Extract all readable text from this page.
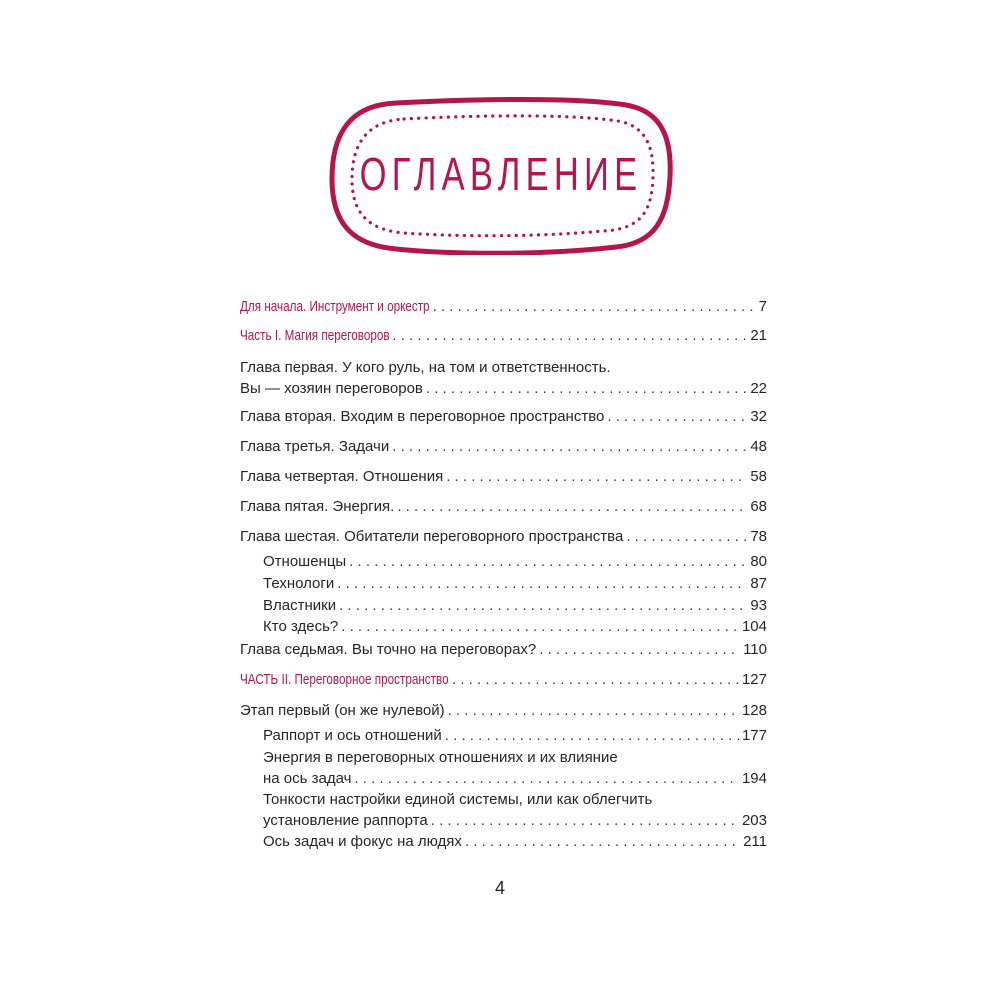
ОГЛАВЛЕНИЕ
Для начала. Инструмент и оркестр . . .	7
Часть I. Магия переговоров . . .	21
Глава первая. У кого руль, на том и ответственность.
Вы — хозяин переговоров . . .	22
Глава вторая. Входим в переговорное пространство . . .	32
Глава третья. Задачи . . .	48
Глава четвертая. Отношения . . .	58
Глава пятая. Энергия. . . .	68
Глава шестая. Обитатели переговорного пространства . . .	78
Отношенцы . . .	80
Технологи . . .	87
Властники . . .	93
Кто здесь? . . .	104
Глава седьмая. Вы точно на переговорах? . . .	110
ЧАСТЬ II. Переговорное пространство . . .	127
Этап первый (он же нулевой) . . .	128
Раппорт и ось отношений . . .	177
Энергия в переговорных отношениях и их влияние
на ось задач . . .	194
Тонкости настройки единой системы, или как облегчить
установление раппорта . . .	203
Ось задач и фокус на людях . . .	211
4
